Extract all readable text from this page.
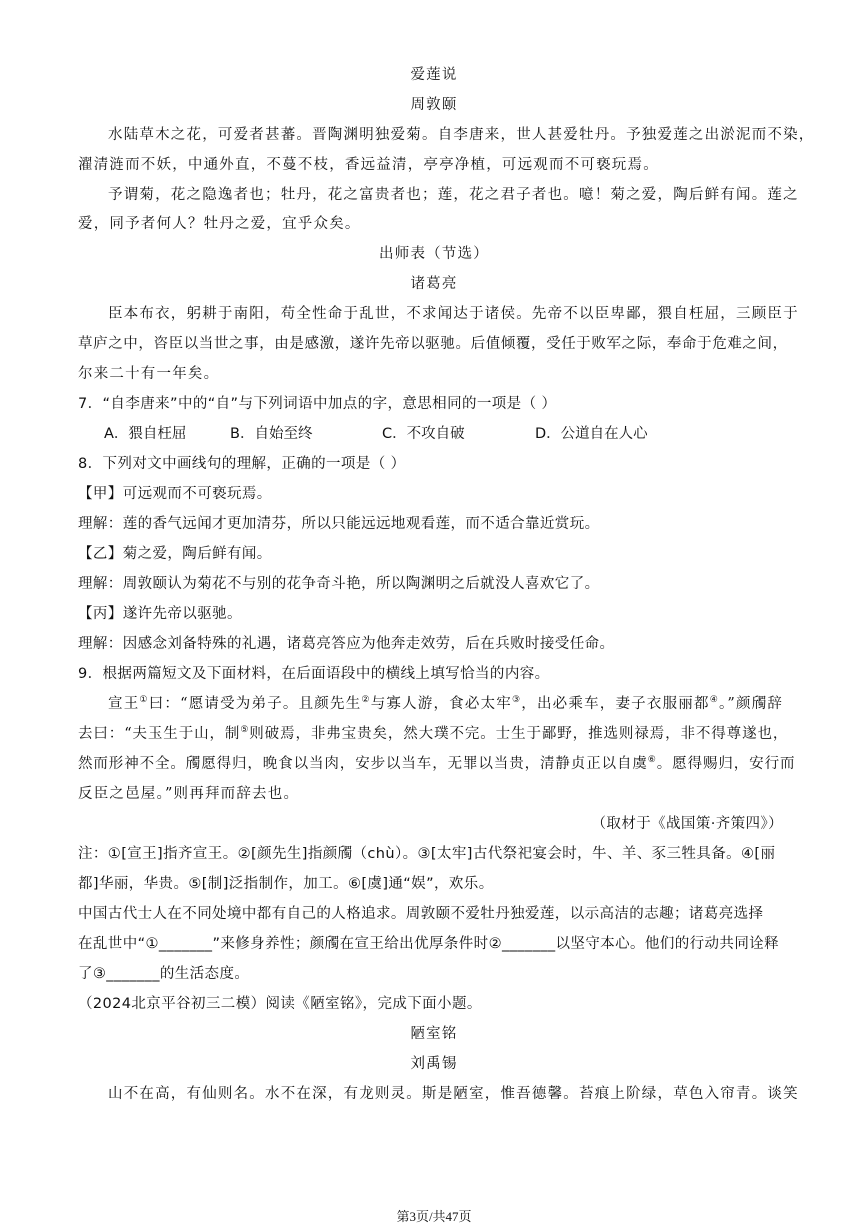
爱莲说
周敦颐
水陆草木之花，可爱者甚蕃。晋陶渊明独爱菊。自李唐来，世人甚爱牡丹。予独爱莲之出淤泥而不染，
濯清涟而不妖，中通外直，不蔓不枝，香远益清，亭亭净植，可远观而不可亵玩焉。
予谓菊，花之隐逸者也；牡丹，花之富贵者也；莲，花之君子者也。噫！菊之爱，陶后鲜有闻。莲之
爱，同予者何人？牡丹之爱，宜乎众矣。
出师表（节选）
诸葛亮
臣本布衣，躬耕于南阳，苟全性命于乱世，不求闻达于诸侯。先帝不以臣卑鄙，猥自枉屈，三顾臣于
草庐之中，咨臣以当世之事，由是感激，遂许先帝以驱驰。后值倾覆，受任于败军之际，奉命于危难之间，
尔来二十有一年矣。
7．“自李唐来”中的“自”与下列词语中加点的字，意思相同的一项是（ ）
A．猥自枉屈	B．自始至终	C．不攻自破	D．公道自在人心
8．下列对文中画线句的理解，正确的一项是（ ）
【甲】可远观而不可亵玩焉。
理解：莲的香气远闻才更加清芬，所以只能远远地观看莲，而不适合靠近赏玩。
【乙】菊之爱，陶后鲜有闻。
理解：周敦颐认为菊花不与别的花争奇斗艳，所以陶渊明之后就没人喜欢它了。
【丙】遂许先帝以驱驰。
理解：因感念刘备特殊的礼遇，诸葛亮答应为他奔走效劳，后在兵败时接受任命。
9．根据两篇短文及下面材料，在后面语段中的横线上填写恰当的内容。
宣王①曰：“愿请受为弟子。且颜先生②与寡人游，食必太牢③，出必乘车，妻子衣服丽都④。”颜斶辞
去曰：“夫玉生于山，制⑤则破焉，非弗宝贵矣，然大璞不完。士生于鄙野，推选则禄焉，非不得尊遂也，
然而形神不全。斶愿得归，晚食以当肉，安步以当车，无罪以当贵，清静贞正以自虞⑥。愿得赐归，安行而
反臣之邑屋。”则再拜而辞去也。
（取材于《战国策·齐策四》）
注：①[宣王]指齐宣王。②[颜先生]指颜斶（chù）。③[太牢]古代祭祀宴会时，牛、羊、豕三牲具备。④[丽
都]华丽，华贵。⑤[制]泛指制作，加工。⑥[虞]通“娱”，欢乐。
中国古代士人在不同处境中都有自己的人格追求。周敦颐不爱牡丹独爱莲，以示高洁的志趣；诸葛亮选择
在乱世中“①_______”来修身养性；颜斶在宣王给出优厚条件时②_______以坚守本心。他们的行动共同诠释
了③_______的生活态度。
（2024北京平谷初三二模）阅读《陋室铭》，完成下面小题。
陋室铭
刘禹锡
山不在高，有仙则名。水不在深，有龙则灵。斯是陋室，惟吾德馨。苔痕上阶绿，草色入帘青。谈笑
第3页/共47页
